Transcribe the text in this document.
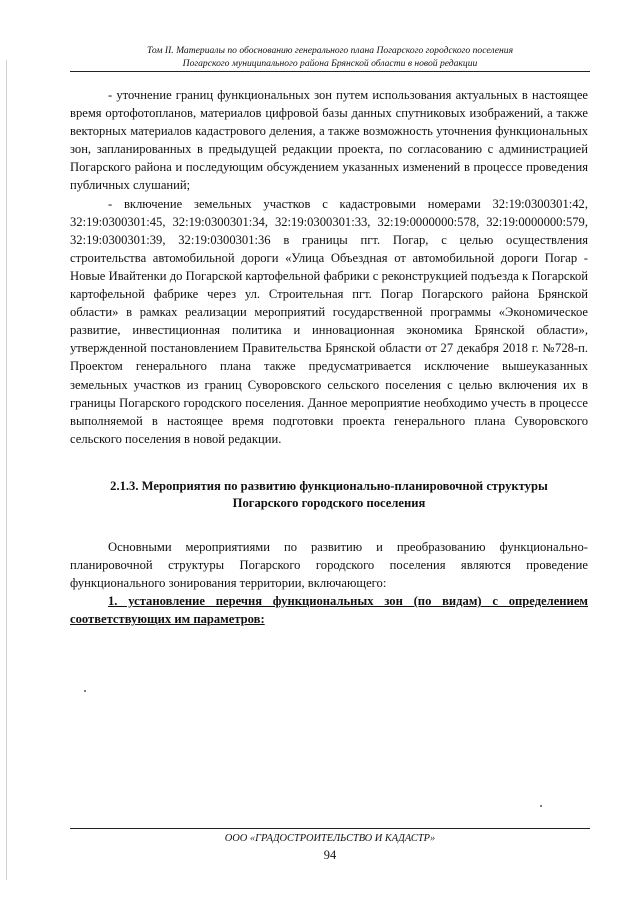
Том II. Материалы по обоснованию генерального плана Погарского городского поселения
Погарского муниципального района Брянской области в новой редакции

- уточнение границ функциональных зон путем использования актуальных в настоящее время ортофотопланов, материалов цифровой базы данных спутниковых изображений, а также векторных материалов кадастрового деления, а также возможность уточнения функциональных зон, запланированных в предыдущей редакции проекта, по согласованию с администрацией Погарского района и последующим обсуждением указанных изменений в процессе проведения публичных слушаний;

- включение земельных участков с кадастровыми номерами 32:19:0300301:42, 32:19:0300301:45, 32:19:0300301:34, 32:19:0300301:33, 32:19:0000000:578, 32:19:0000000:579, 32:19:0300301:39, 32:19:0300301:36 в границы пгт. Погар, с целью осуществления строительства автомобильной дороги «Улица Объездная от автомобильной дороги Погар - Новые Ивайтенки до Погарской картофельной фабрики с реконструкцией подъезда к Погарской картофельной фабрике через ул. Строительная пгт. Погар Погарского района Брянской области» в рамках реализации мероприятий государственной программы «Экономическое развитие, инвестиционная политика и инновационная экономика Брянской области», утвержденной постановлением Правительства Брянской области от 27 декабря 2018 г. №728-п. Проектом генерального плана также предусматривается исключение вышеуказанных земельных участков из границ Суворовского сельского поселения с целью включения их в границы Погарского городского поселения. Данное мероприятие необходимо учесть в процессе выполняемой в настоящее время подготовки проекта генерального плана Суворовского сельского поселения в новой редакции.

2.1.3. Мероприятия по развитию функционально-планировочной структуры
Погарского городского поселения

Основными мероприятиями по развитию и преобразованию функционально-планировочной структуры Погарского городского поселения являются проведение функционального зонирования территории, включающего:

1. установление перечня функциональных зон (по видам) с определением соответствующих им параметров:

ООО «ГРАДОСТРОИТЕЛЬСТВО И КАДАСТР»
94
